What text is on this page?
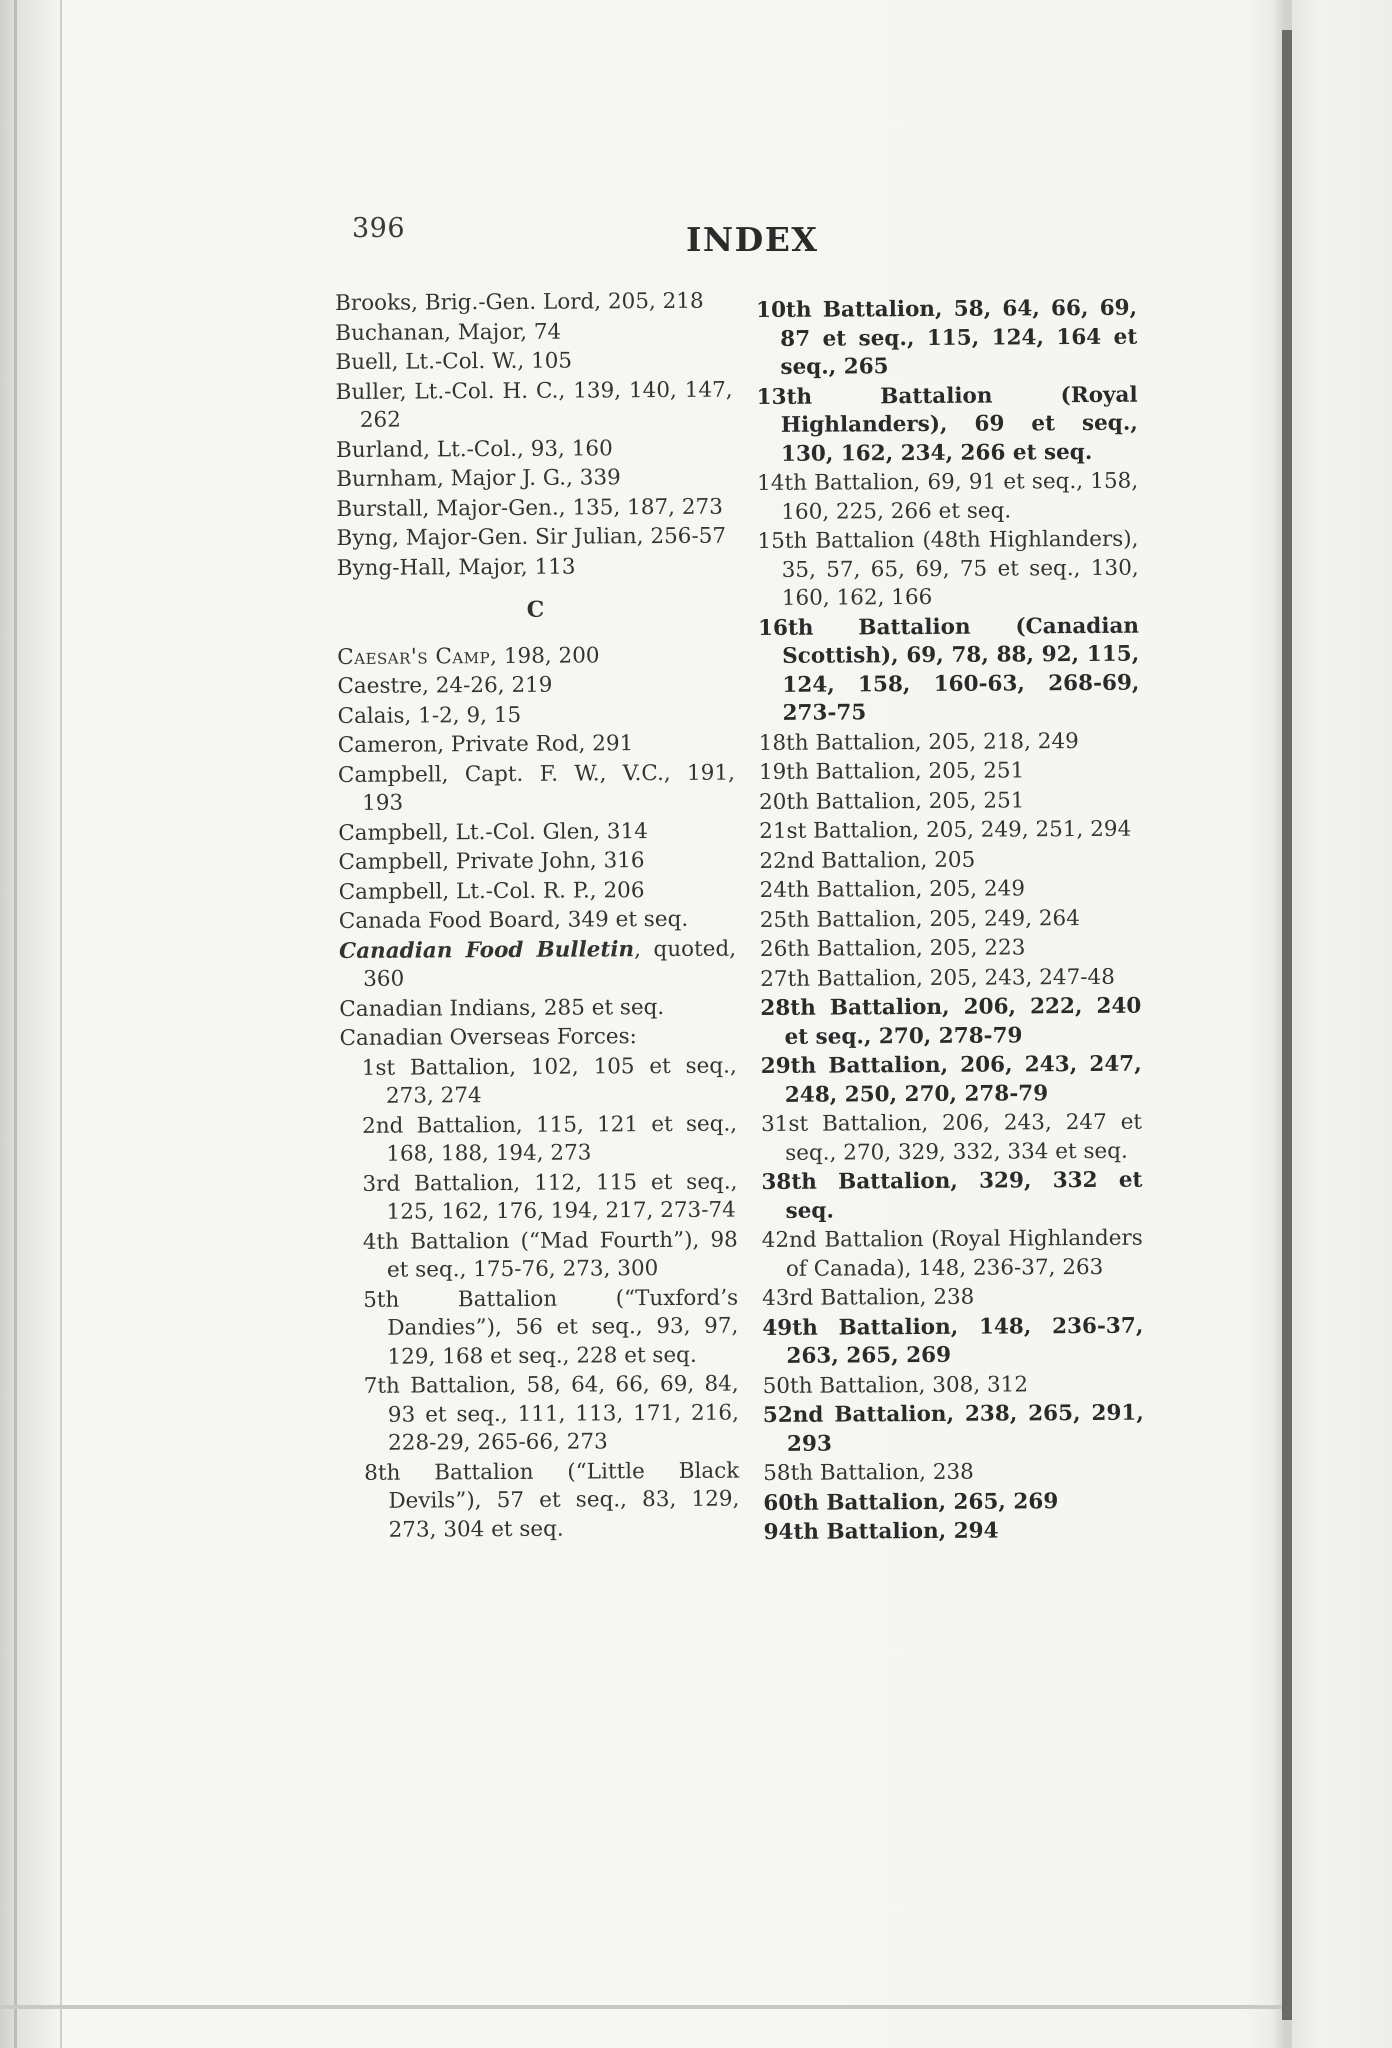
396	INDEX
Brooks, Brig.-Gen. Lord, 205, 218
Buchanan, Major, 74
Buell, Lt.-Col. W., 105
Buller, Lt.-Col. H. C., 139, 140, 147, 262
Burland, Lt.-Col., 93, 160
Burnham, Major J. G., 339
Burstall, Major-Gen., 135, 187, 273
Byng, Major-Gen. Sir Julian, 256-57
Byng-Hall, Major, 113
C
Caesar's Camp, 198, 200
Caestre, 24-26, 219
Calais, 1-2, 9, 15
Cameron, Private Rod, 291
Campbell, Capt. F. W., V.C., 191, 193
Campbell, Lt.-Col. Glen, 314
Campbell, Private John, 316
Campbell, Lt.-Col. R. P., 206
Canada Food Board, 349 et seq.
Canadian Food Bulletin, quoted, 360
Canadian Indians, 285 et seq.
Canadian Overseas Forces:
1st Battalion, 102, 105 et seq., 273, 274
2nd Battalion, 115, 121 et seq., 168, 188, 194, 273
3rd Battalion, 112, 115 et seq., 125, 162, 176, 194, 217, 273-74
4th Battalion (“Mad Fourth”), 98 et seq., 175-76, 273, 300
5th Battalion (“Tuxford’s Dandies”), 56 et seq., 93, 97, 129, 168 et seq., 228 et seq.
7th Battalion, 58, 64, 66, 69, 84, 93 et seq., 111, 113, 171, 216, 228-29, 265-66, 273
8th Battalion (“Little Black Devils”), 57 et seq., 83, 129, 273, 304 et seq.
10th Battalion, 58, 64, 66, 69, 87 et seq., 115, 124, 164 et seq., 265
13th Battalion (Royal Highlanders), 69 et seq., 130, 162, 234, 266 et seq.
14th Battalion, 69, 91 et seq., 158, 160, 225, 266 et seq.
15th Battalion (48th Highlanders), 35, 57, 65, 69, 75 et seq., 130, 160, 162, 166
16th Battalion (Canadian Scottish), 69, 78, 88, 92, 115, 124, 158, 160-63, 268-69, 273-75
18th Battalion, 205, 218, 249
19th Battalion, 205, 251
20th Battalion, 205, 251
21st Battalion, 205, 249, 251, 294
22nd Battalion, 205
24th Battalion, 205, 249
25th Battalion, 205, 249, 264
26th Battalion, 205, 223
27th Battalion, 205, 243, 247-48
28th Battalion, 206, 222, 240 et seq., 270, 278-79
29th Battalion, 206, 243, 247, 248, 250, 270, 278-79
31st Battalion, 206, 243, 247 et seq., 270, 329, 332, 334 et seq.
38th Battalion, 329, 332 et seq.
42nd Battalion (Royal Highlanders of Canada), 148, 236-37, 263
43rd Battalion, 238
49th Battalion, 148, 236-37, 263, 265, 269
50th Battalion, 308, 312
52nd Battalion, 238, 265, 291, 293
58th Battalion, 238
60th Battalion, 265, 269
94th Battalion, 294
